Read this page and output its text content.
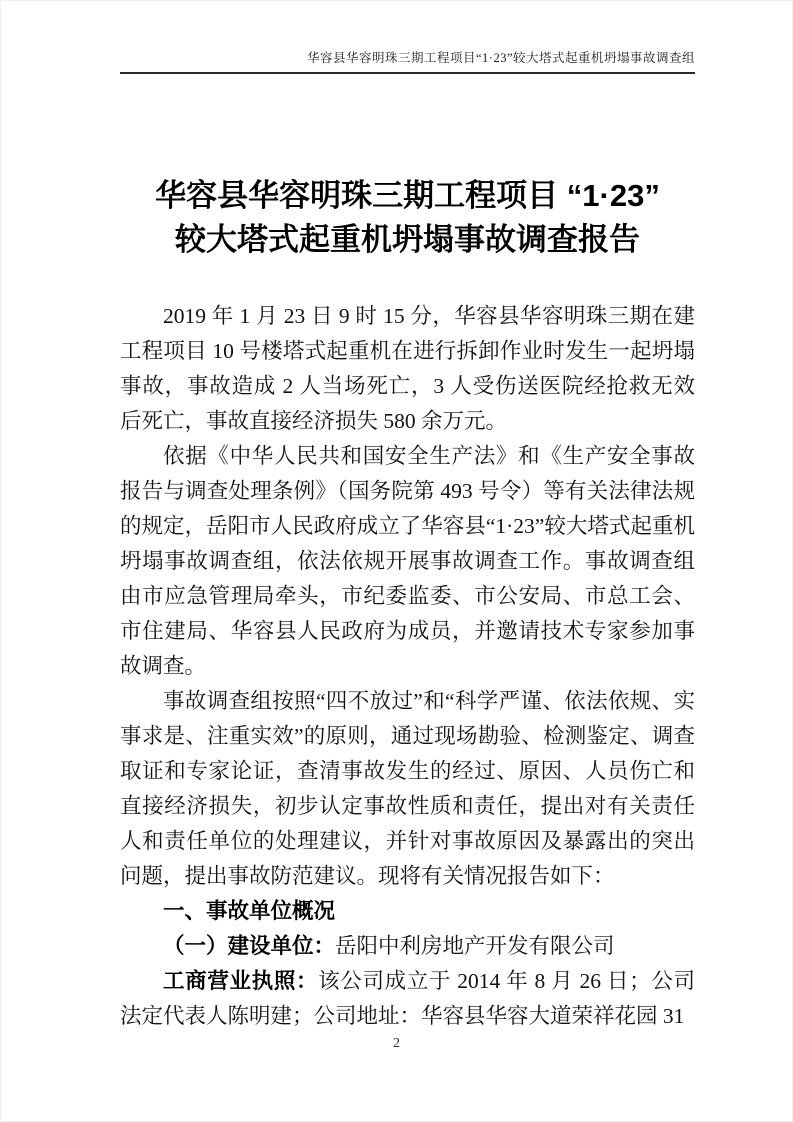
华容县华容明珠三期工程项目“1·23”较大塔式起重机坍塌事故调查组
华容县华容明珠三期工程项目 “1·23”
较大塔式起重机坍塌事故调查报告

2019 年 1 月 23 日 9 时 15 分，华容县华容明珠三期在建工程项目 10 号楼塔式起重机在进行拆卸作业时发生一起坍塌事故，事故造成 2 人当场死亡，3 人受伤送医院经抢救无效后死亡，事故直接经济损失 580 余万元。

依据《中华人民共和国安全生产法》和《生产安全事故报告与调查处理条例》（国务院第 493 号令）等有关法律法规的规定，岳阳市人民政府成立了华容县“1·23”较大塔式起重机坍塌事故调查组，依法依规开展事故调查工作。事故调查组由市应急管理局牵头，市纪委监委、市公安局、市总工会、市住建局、华容县人民政府为成员，并邀请技术专家参加事故调查。

事故调查组按照“四不放过”和“科学严谨、依法依规、实事求是、注重实效”的原则，通过现场勘验、检测鉴定、调查取证和专家论证，查清事故发生的经过、原因、人员伤亡和直接经济损失，初步认定事故性质和责任，提出对有关责任人和责任单位的处理建议，并针对事故原因及暴露出的突出问题，提出事故防范建议。现将有关情况报告如下：

一、事故单位概况

（一）建设单位：岳阳中利房地产开发有限公司

工商营业执照：该公司成立于 2014 年 8 月 26 日；公司法定代表人陈明建；公司地址：华容县华容大道荣祥花园 31

2
